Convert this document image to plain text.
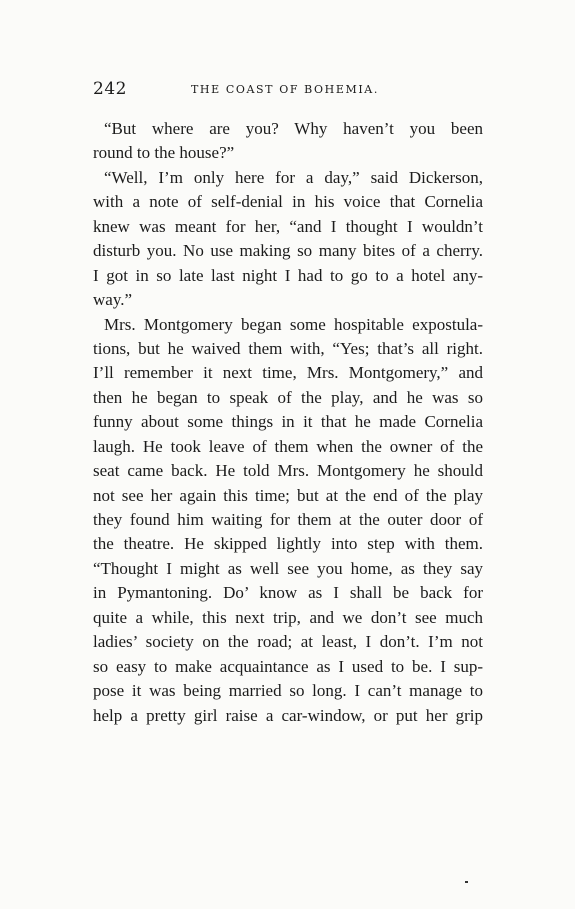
242	THE COAST OF BOHEMIA.
“But where are you? Why haven’t you been
round to the house?”
“Well, I’m only here for a day,” said Dickerson,
with a note of self-denial in his voice that Cornelia
knew was meant for her, “and I thought I wouldn’t
disturb you. No use making so many bites of a cherry.
I got in so late last night I had to go to a hotel any-
way.”
Mrs. Montgomery began some hospitable expostula-
tions, but he waived them with, “Yes; that’s all right.
I’ll remember it next time, Mrs. Montgomery,” and
then he began to speak of the play, and he was so
funny about some things in it that he made Cornelia
laugh. He took leave of them when the owner of the
seat came back. He told Mrs. Montgomery he should
not see her again this time; but at the end of the play
they found him waiting for them at the outer door of
the theatre. He skipped lightly into step with them.
“Thought I might as well see you home, as they say
in Pymantoning. Do’ know as I shall be back for
quite a while, this next trip, and we don’t see much
ladies’ society on the road; at least, I don’t. I’m not
so easy to make acquaintance as I used to be. I sup-
pose it was being married so long. I can’t manage to
help a pretty girl raise a car-window, or put her grip
